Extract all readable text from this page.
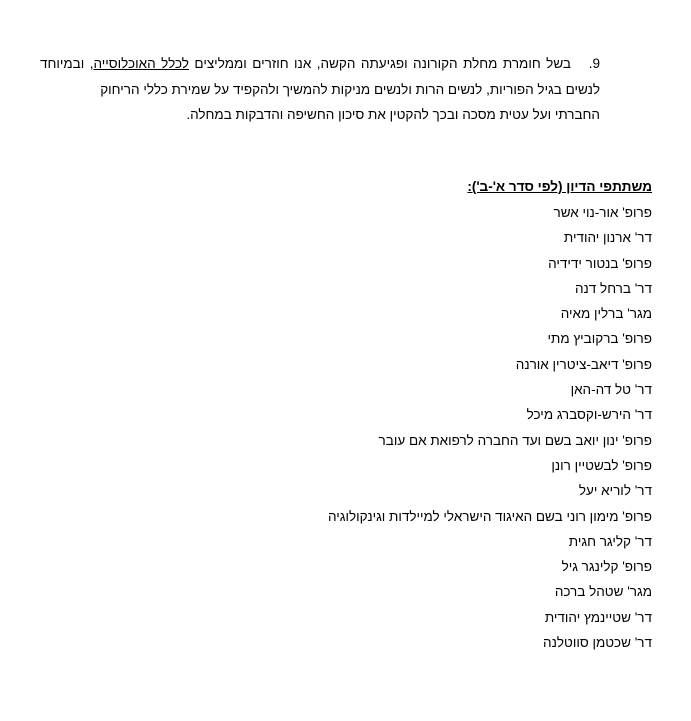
9.
בשל חומרת מחלת הקורונה ופגיעתה הקשה, אנו חוזרים וממליצים לכלל האוכלוסייה, ובמיוחד
לנשים בגיל הפוריות, לנשים הרות ולנשים מניקות להמשיך ולהקפיד על שמירת כללי הריחוק
החברתי ועל עטית מסכה ובכך להקטין את סיכון החשיפה והדבקות במחלה.
משתתפי הדיון (לפי סדר א'-ב'):
פרופ' אור-נוי אשר
דר' ארנון יהודית
פרופ' בנטור ידידיה
דר' ברחל דנה
מגר' ברלין מאיה
פרופ' ברקוביץ מתי
פרופ' דיאב-ציטרין אורנה
דר' טל דה-האן
דר' הירש-וקסברג מיכל
פרופ' ינון יואב בשם ועד החברה לרפואת אם עובר
פרופ' לבשטיין רונן
דר' לוריא יעל
פרופ' מימון רוני בשם האיגוד הישראלי למיילדות וגינקולוגיה
דר' קליגר חגית
פרופ' קלינגר גיל
מגר' שטהל ברכה
דר' שטיינמץ יהודית
דר' שכטמן סווטלנה
